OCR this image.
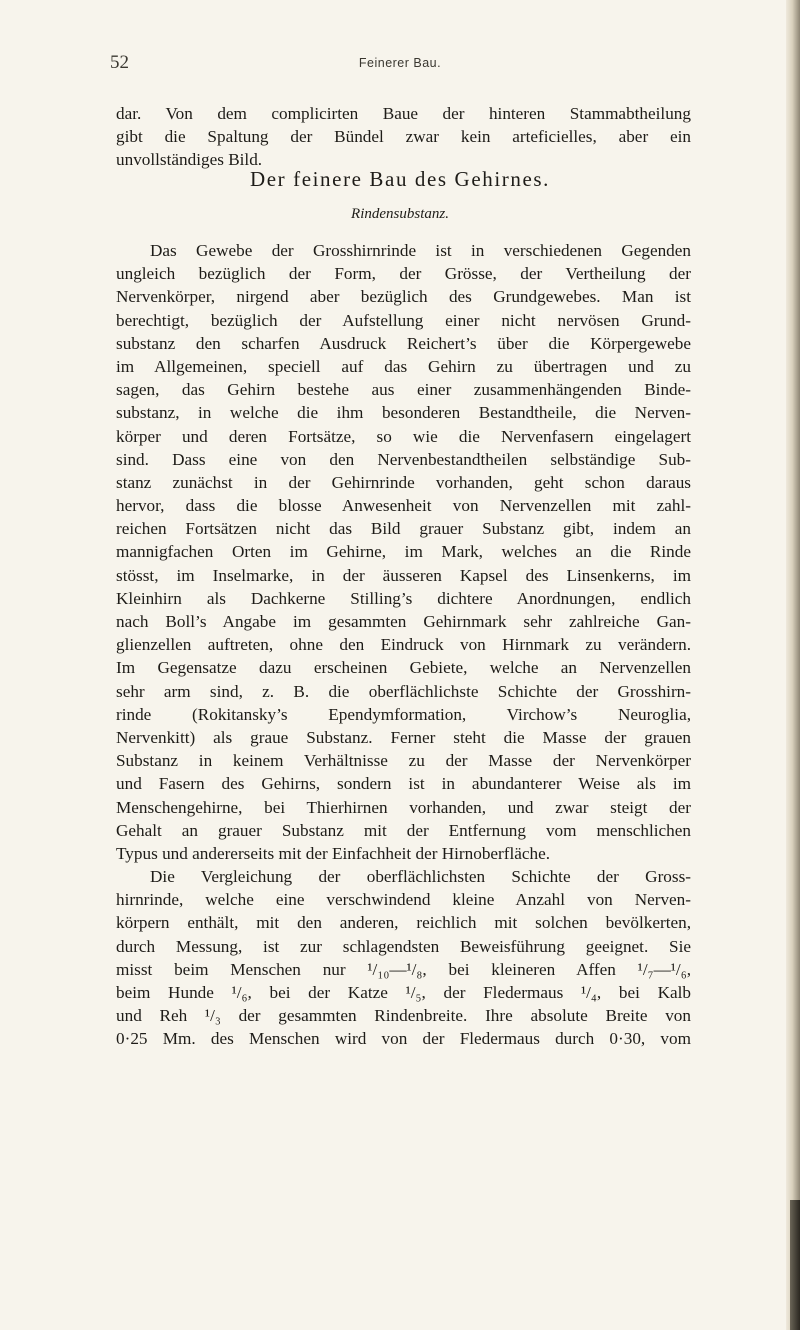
52	Feinerer Bau.
dar. Von dem complicirten Baue der hinteren Stammabtheilung
gibt die Spaltung der Bündel zwar kein arteficielles, aber ein
unvollständiges Bild.
Der feinere Bau des Gehirnes.
Rindensubstanz.
Das Gewebe der Grosshirnrinde ist in verschiedenen Gegenden
ungleich bezüglich der Form, der Grösse, der Vertheilung der
Nervenkörper, nirgend aber bezüglich des Grundgewebes. Man ist
berechtigt, bezüglich der Aufstellung einer nicht nervösen Grund-
substanz den scharfen Ausdruck Reichert’s über die Körpergewebe
im Allgemeinen, speciell auf das Gehirn zu übertragen und zu
sagen, das Gehirn bestehe aus einer zusammenhängenden Binde-
substanz, in welche die ihm besonderen Bestandtheile, die Nerven-
körper und deren Fortsätze, so wie die Nervenfasern eingelagert
sind. Dass eine von den Nervenbestandtheilen selbständige Sub-
stanz zunächst in der Gehirnrinde vorhanden, geht schon daraus
hervor, dass die blosse Anwesenheit von Nervenzellen mit zahl-
reichen Fortsätzen nicht das Bild grauer Substanz gibt, indem an
mannigfachen Orten im Gehirne, im Mark, welches an die Rinde
stösst, im Inselmarke, in der äusseren Kapsel des Linsenkerns, im
Kleinhirn als Dachkerne Stilling’s dichtere Anordnungen, endlich
nach Boll’s Angabe im gesammten Gehirnmark sehr zahlreiche Gan-
glienzellen auftreten, ohne den Eindruck von Hirnmark zu verändern.
Im Gegensatze dazu erscheinen Gebiete, welche an Nervenzellen
sehr arm sind, z. B. die oberflächlichste Schichte der Grosshirn-
rinde (Rokitansky’s Ependymformation, Virchow’s Neuroglia,
Nervenkitt) als graue Substanz. Ferner steht die Masse der grauen
Substanz in keinem Verhältnisse zu der Masse der Nervenkörper
und Fasern des Gehirns, sondern ist in abundanterer Weise als im
Menschengehirne, bei Thierhirnen vorhanden, und zwar steigt der
Gehalt an grauer Substanz mit der Entfernung vom menschlichen
Typus und andererseits mit der Einfachheit der Hirnoberfläche.
Die Vergleichung der oberflächlichsten Schichte der Gross-
hirnrinde, welche eine verschwindend kleine Anzahl von Nerven-
körpern enthält, mit den anderen, reichlich mit solchen bevölkerten,
durch Messung, ist zur schlagendsten Beweisführung geeignet. Sie
misst beim Menschen nur ¹/₁₀—¹/₈, bei kleineren Affen ¹/₇—¹/₆,
beim Hunde ¹/₆, bei der Katze ¹/₅, der Fledermaus ¹/₄, bei Kalb
und Reh ¹/₃ der gesammten Rindenbreite. Ihre absolute Breite von
0·25 Mm. des Menschen wird von der Fledermaus durch 0·30, vom
